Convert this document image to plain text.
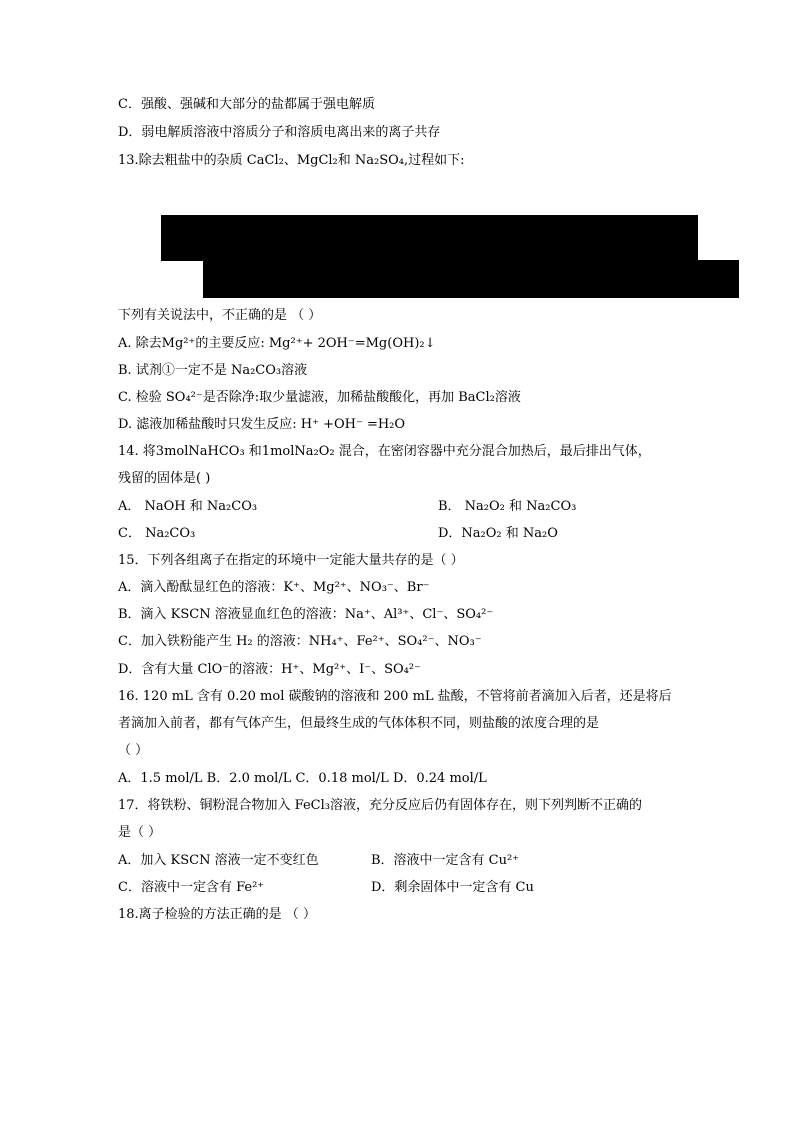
C．强酸、强碱和大部分的盐都属于强电解质
D．弱电解质溶液中溶质分子和溶质电离出来的离子共存
13.除去粗盐中的杂质 CaCl₂、MgCl₂和 Na₂SO₄,过程如下:
下列有关说法中，不正确的是 （ ）
A. 除去Mg²⁺的主要反应: Mg²⁺+ 2OH⁻=Mg(OH)₂↓
B. 试剂①一定不是 Na₂CO₃溶液
C. 检验 SO₄²⁻是否除净:取少量滤液，加稀盐酸酸化，再加 BaCl₂溶液
D. 滤液加稀盐酸时只发生反应: H⁺ +OH⁻ =H₂O
14. 将3molNaHCO₃ 和1molNa₂O₂ 混合，在密闭容器中充分混合加热后，最后排出气体，
残留的固体是( )
A． NaOH 和 Na₂CO₃	B． Na₂O₂ 和 Na₂CO₃
C． Na₂CO₃	D．Na₂O₂ 和 Na₂O
15．下列各组离子在指定的环境中一定能大量共存的是（ ）
A．滴入酚酞显红色的溶液：K⁺、Mg²⁺、NO₃⁻、Br⁻
B．滴入 KSCN 溶液显血红色的溶液：Na⁺、Al³⁺、Cl⁻、SO₄²⁻
C．加入铁粉能产生 H₂ 的溶液：NH₄⁺、Fe²⁺、SO₄²⁻、NO₃⁻
D．含有大量 ClO⁻的溶液：H⁺、Mg²⁺、I⁻、SO₄²⁻
16. 120 mL 含有 0.20 mol 碳酸钠的溶液和 200 mL 盐酸，不管将前者滴加入后者，还是将后
者滴加入前者，都有气体产生，但最终生成的气体体积不同，则盐酸的浓度合理的是
（ ）
A．1.5 mol/L B．2.0 mol/L C．0.18 mol/L D．0.24 mol/L
17．将铁粉、铜粉混合物加入 FeCl₃溶液，充分反应后仍有固体存在，则下列判断不正确的
是（ ）
A．加入 KSCN 溶液一定不变红色	B．溶液中一定含有 Cu²⁺
C．溶液中一定含有 Fe²⁺	D．剩余固体中一定含有 Cu
18.离子检验的方法正确的是 （ ）
